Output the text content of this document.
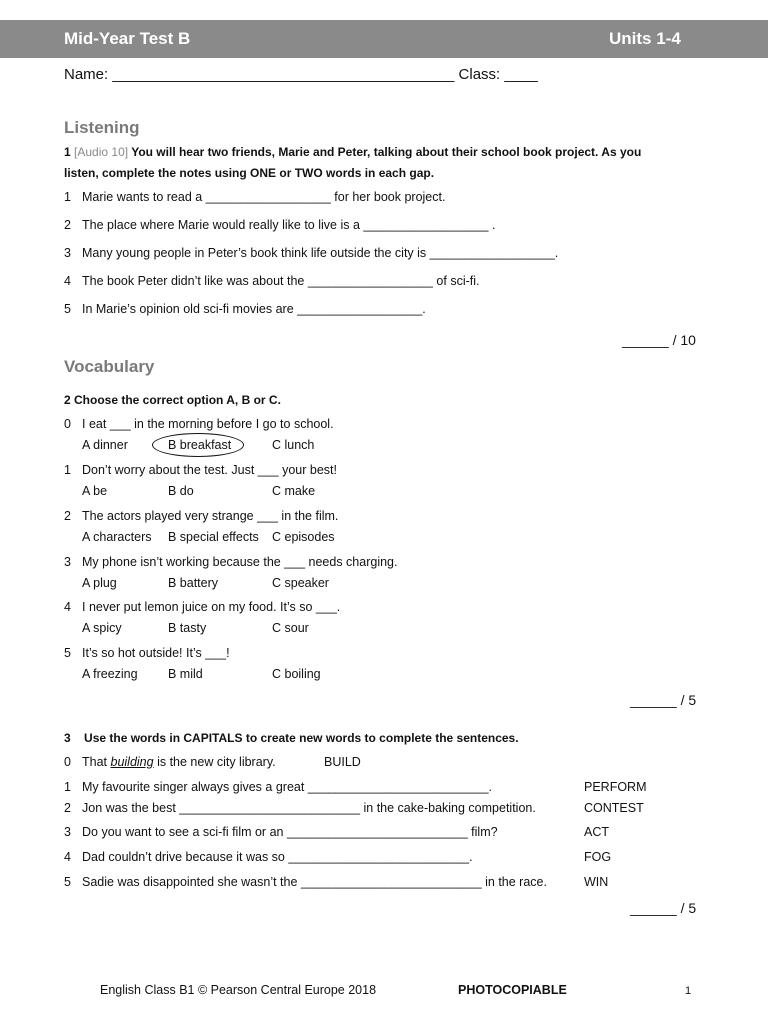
Mid-Year Test B	Units 1-4
Name: _________________________________________ Class: ____
Listening
1 [Audio 10] You will hear two friends, Marie and Peter, talking about their school book project. As you
listen, complete the notes using ONE or TWO words in each gap.
1 Marie wants to read a __________________ for her book project.
2 The place where Marie would really like to live is a __________________ .
3 Many young people in Peter’s book think life outside the city is __________________.
4 The book Peter didn’t like was about the __________________ of sci-fi.
5 In Marie’s opinion old sci-fi movies are __________________.
______ / 10
Vocabulary
2 Choose the correct option A, B or C.
0 I eat ___ in the morning before I go to school.
A dinner	B breakfast	C lunch
1 Don’t worry about the test. Just ___ your best!
A be	B do	C make
2 The actors played very strange ___ in the film.
A characters B special effects C episodes
3 My phone isn’t working because the ___ needs charging.
A plug	B battery	C speaker
4 I never put lemon juice on my food. It’s so ___.
A spicy	B tasty	C sour
5 It’s so hot outside! It’s ___!
A freezing B mild	C boiling
______ / 5
3 Use the words in CAPITALS to create new words to complete the sentences.
0 That building is the new city library.	BUILD
1 My favourite singer always gives a great __________________________.	PERFORM
2 Jon was the best __________________________ in the cake-baking competition.	CONTEST
3 Do you want to see a sci-fi film or an __________________________ film?	ACT
4 Dad couldn’t drive because it was so __________________________.	FOG
5 Sadie was disappointed she wasn’t the __________________________ in the race.	WIN
______ / 5
English Class B1 © Pearson Central Europe 2018	PHOTOCOPIABLE	1
